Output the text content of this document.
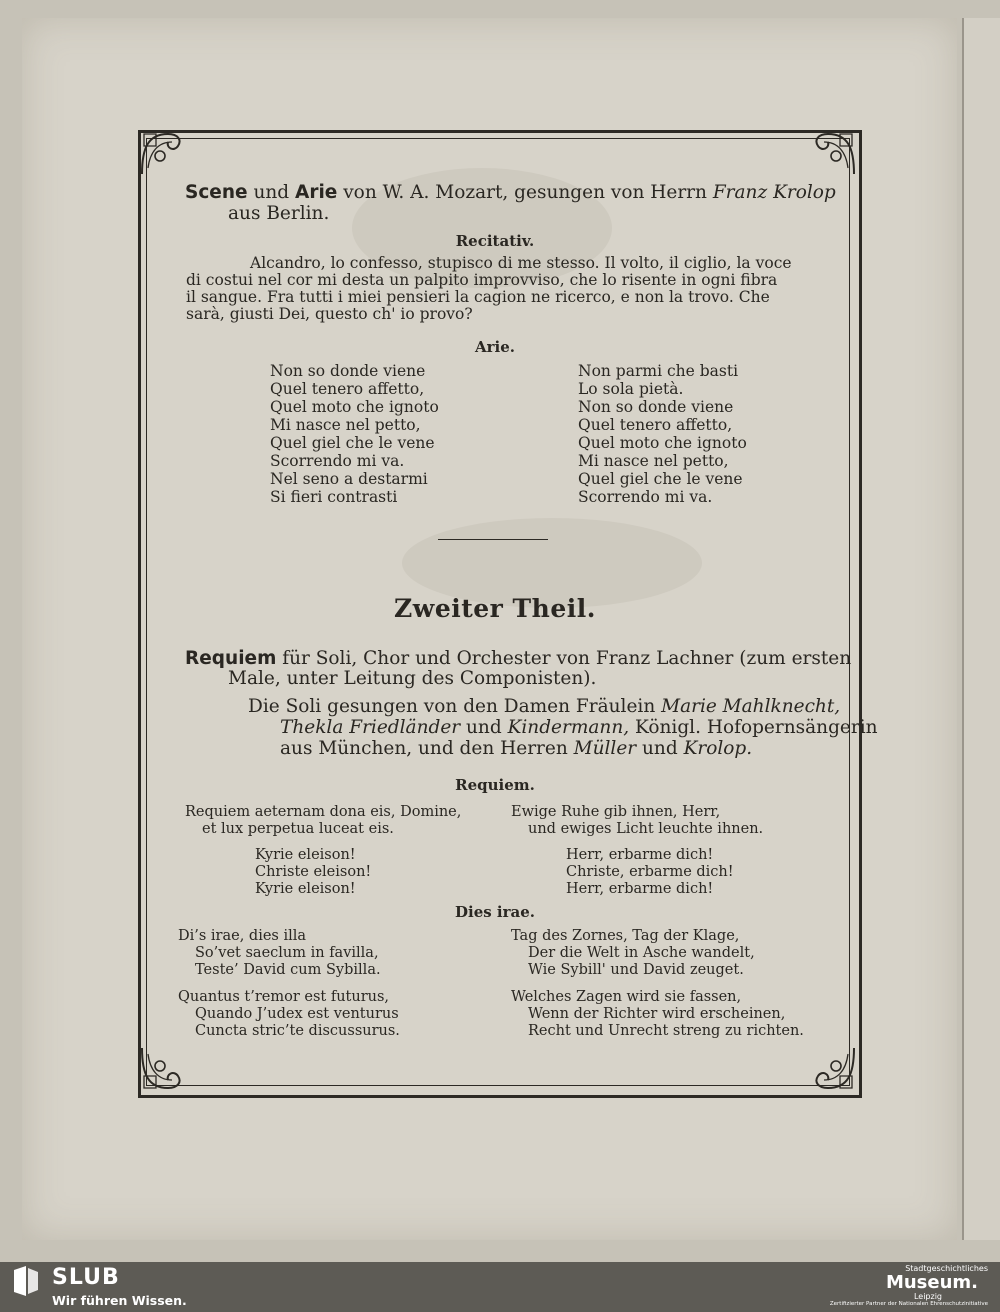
Scene und Arie von W. A. Mozart, gesungen von Herrn Franz Krolop
aus Berlin.
Recitativ.
Alcandro, lo confesso, stupisco di me stesso. Il volto, il ciglio, la voce
di costui nel cor mi desta un palpito improvviso, che lo risente in ogni fibra
il sangue. Fra tutti i miei pensieri la cagion ne ricerco, e non la trovo. Che
sarà, giusti Dei, questo ch' io provo?
Arie.
Non so donde viene
Quel tenero affetto,
Quel moto che ignoto
Mi nasce nel petto,
Quel giel che le vene
Scorrendo mi va.
Nel seno a destarmi
Si fieri contrasti
Non parmi che basti
Lo sola pietà.
Non so donde viene
Quel tenero affetto,
Quel moto che ignoto
Mi nasce nel petto,
Quel giel che le vene
Scorrendo mi va.
Zweiter Theil.
Requiem für Soli, Chor und Orchester von Franz Lachner (zum ersten
Male, unter Leitung des Componisten).
Die Soli gesungen von den Damen Fräulein Marie Mahlknecht,
Thekla Friedländer und Kindermann, Königl. Hofopernsängerin
aus München, und den Herren Müller und Krolop.
Requiem.
Requiem aeternam dona eis, Domine,
et lux perpetua luceat eis.
Ewige Ruhe gib ihnen, Herr,
und ewiges Licht leuchte ihnen.
Kyrie eleison!
Christe eleison!
Kyrie eleison!
Herr, erbarme dich!
Christe, erbarme dich!
Herr, erbarme dich!
Dies irae.
Di’s irae, dies illa
So’vet saeclum in favilla,
Teste’ David cum Sybilla.
Quantus t’remor est futurus,
Quando J’udex est venturus
Cuncta stric’te discussurus.
Tag des Zornes, Tag der Klage,
Der die Welt in Asche wandelt,
Wie Sybill' und David zeuget.
Welches Zagen wird sie fassen,
Wenn der Richter wird erscheinen,
Recht und Unrecht streng zu richten.
SLUB
Wir führen Wissen.
Stadtgeschichtliches
Museum.
Leipzig
Zertifizierter Partner der Nationalen Ehrenschutzinitiative
